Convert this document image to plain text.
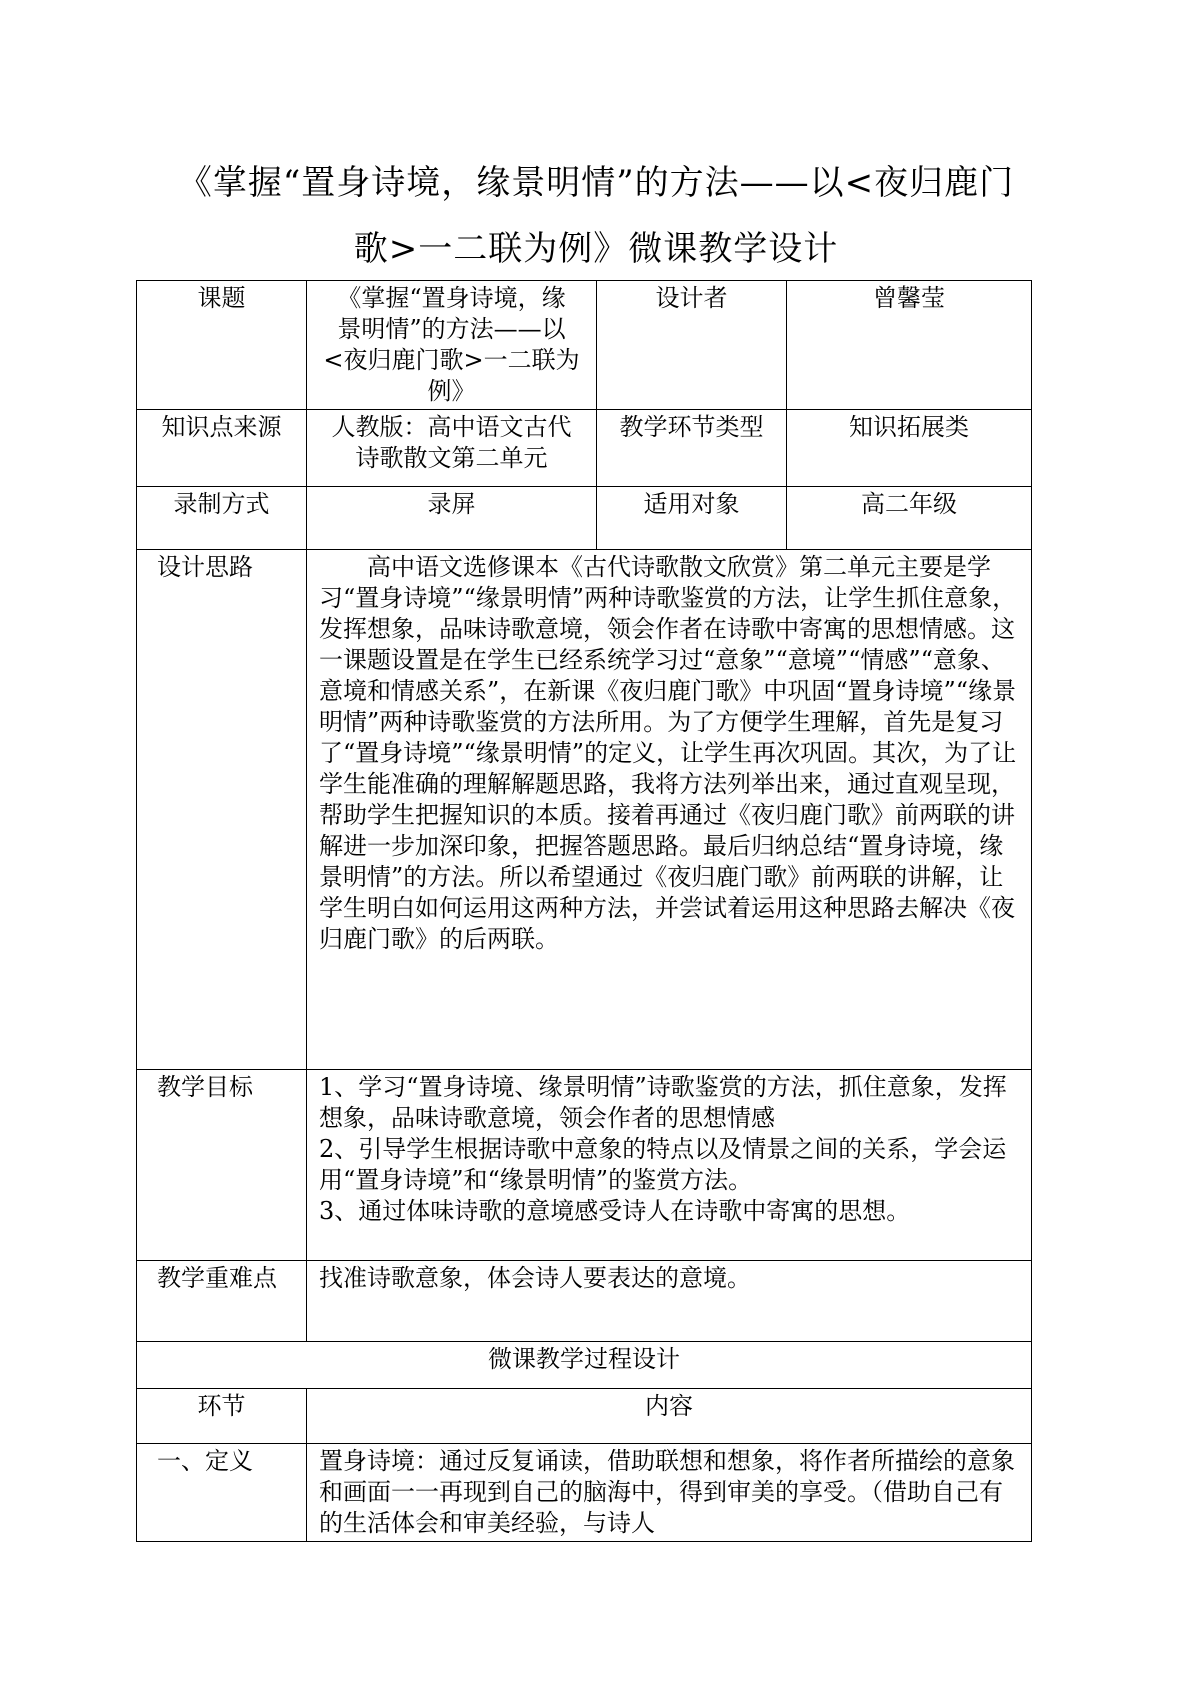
《掌握“置身诗境，缘景明情”的方法——以<夜归鹿门
歌>一二联为例》微课教学设计
课题	《掌握“置身诗境，缘
景明情”的方法——以
<夜归鹿门歌>一二联为
例》	设计者	曾馨莹
知识点来源	人教版：高中语文古代
诗歌散文第二单元	教学环节类型	知识拓展类
录制方式	录屏	适用对象	高二年级
设计思路	高中语文选修课本《古代诗歌散文欣赏》第二单元主要是学习“置身诗境”“缘景明情”两种诗歌鉴赏的方法，让学生抓住意象，发挥想象，品味诗歌意境，领会作者在诗歌中寄寓的思想情感。这一课题设置是在学生已经系统学习过“意象”“意境”“情感”“意象、意境和情感关系”，在新课《夜归鹿门歌》中巩固“置身诗境”“缘景明情”两种诗歌鉴赏的方法所用。为了方便学生理解，首先是复习了“置身诗境”“缘景明情”的定义，让学生再次巩固。其次，为了让学生能准确的理解解题思路，我将方法列举出来，通过直观呈现，帮助学生把握知识的本质。接着再通过《夜归鹿门歌》前两联的讲解进一步加深印象，把握答题思路。最后归纳总结“置身诗境，缘景明情”的方法。所以希望通过《夜归鹿门歌》前两联的讲解，让学生明白如何运用这两种方法，并尝试着运用这种思路去解决《夜归鹿门歌》的后两联。		

教学目标	1、学习“置身诗境、缘景明情”诗歌鉴赏的方法，抓住意象，发挥想象，品味诗歌意境，领会作者的思想情感
2、引导学生根据诗歌中意象的特点以及情景之间的关系，学会运用“置身诗境”和“缘景明情”的鉴赏方法。
3、通过体味诗歌的意境感受诗人在诗歌中寄寓的思想。		

教学重难点	找准诗歌意象，体会诗人要表达的意境。		
微课教学过程设计			
环节	内容		
一、定义	置身诗境：通过反复诵读，借助联想和想象，将作者所描绘的意象和画面一一再现到自己的脑海中，得到审美的享受。（借助自己有的生活体会和审美经验，与诗人		
